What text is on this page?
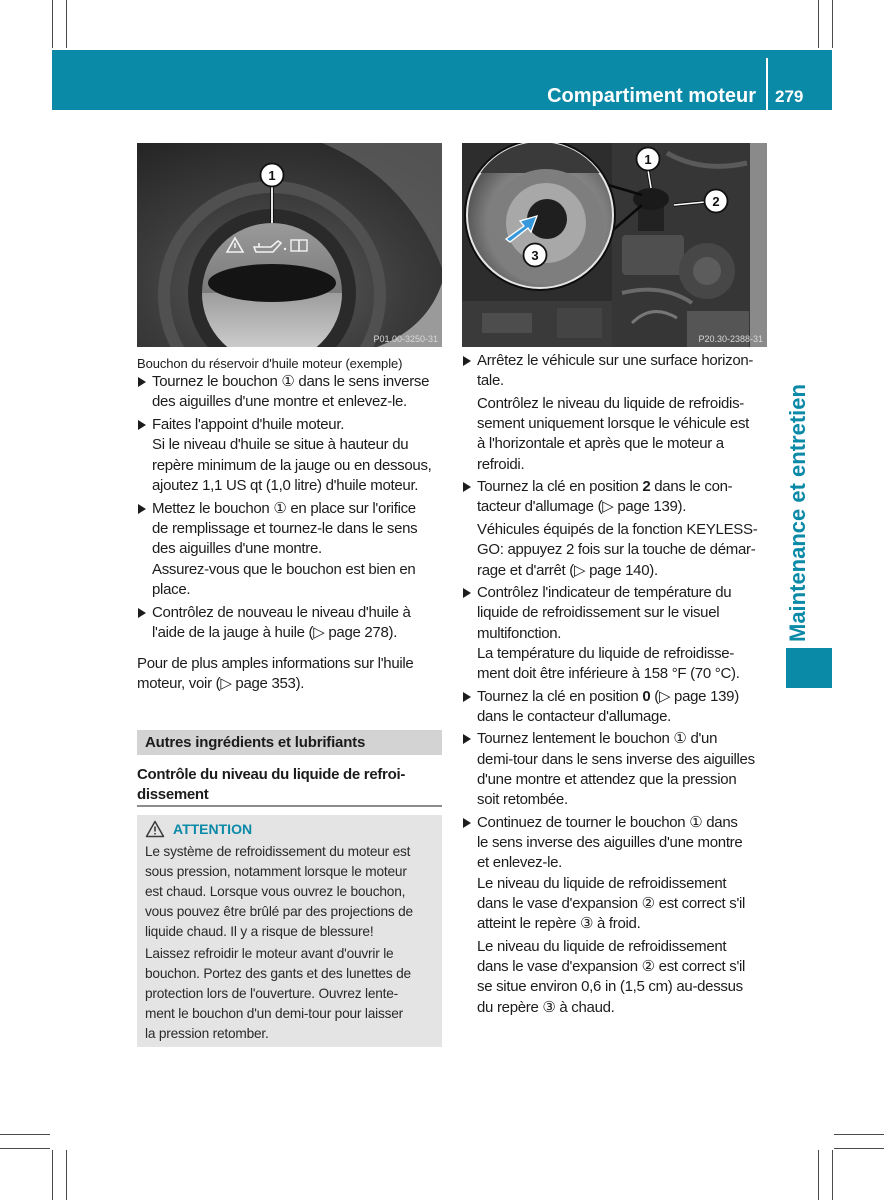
Compartiment moteur 279
Maintenance et entretien
1
P01.00-3250-31
1
2
3
P20.30-2388-31
Bouchon du réservoir d'huile moteur (exemple)
Tournez le bouchon ① dans le sens inverse
des aiguilles d'une montre et enlevez-le.
Faites l'appoint d'huile moteur.
Si le niveau d'huile se situe à hauteur du
repère minimum de la jauge ou en dessous,
ajoutez 1,1 US qt (1,0 litre) d'huile moteur.
Mettez le bouchon ① en place sur l'orifice
de remplissage et tournez-le dans le sens
des aiguilles d'une montre.
Assurez-vous que le bouchon est bien en
place.
Contrôlez de nouveau le niveau d'huile à
l'aide de la jauge à huile (▷ page 278).
Pour de plus amples informations sur l'huile
moteur, voir (▷ page 353).
Autres ingrédients et lubrifiants
Contrôle du niveau du liquide de refroi-
dissement
ATTENTION
Le système de refroidissement du moteur est
sous pression, notamment lorsque le moteur
est chaud. Lorsque vous ouvrez le bouchon,
vous pouvez être brûlé par des projections de
liquide chaud. Il y a risque de blessure!
Laissez refroidir le moteur avant d'ouvrir le
bouchon. Portez des gants et des lunettes de
protection lors de l'ouverture. Ouvrez lente-
ment le bouchon d'un demi-tour pour laisser
la pression retomber.
Arrêtez le véhicule sur une surface horizon-
tale.
Contrôlez le niveau du liquide de refroidis-
sement uniquement lorsque le véhicule est
à l'horizontale et après que le moteur a
refroidi.
Tournez la clé en position 2 dans le con-
tacteur d'allumage (▷ page 139).
Véhicules équipés de la fonction KEYLESS-
GO: appuyez 2 fois sur la touche de démar-
rage et d'arrêt (▷ page 140).
Contrôlez l'indicateur de température du
liquide de refroidissement sur le visuel
multifonction.
La température du liquide de refroidisse-
ment doit être inférieure à 158 °F (70 °C).
Tournez la clé en position 0 (▷ page 139)
dans le contacteur d'allumage.
Tournez lentement le bouchon ① d'un
demi-tour dans le sens inverse des aiguilles
d'une montre et attendez que la pression
soit retombée.
Continuez de tourner le bouchon ① dans
le sens inverse des aiguilles d'une montre
et enlevez-le.
Le niveau du liquide de refroidissement
dans le vase d'expansion ② est correct s'il
atteint le repère ③ à froid.
Le niveau du liquide de refroidissement
dans le vase d'expansion ② est correct s'il
se situe environ 0,6 in (1,5 cm) au-dessus
du repère ③ à chaud.
